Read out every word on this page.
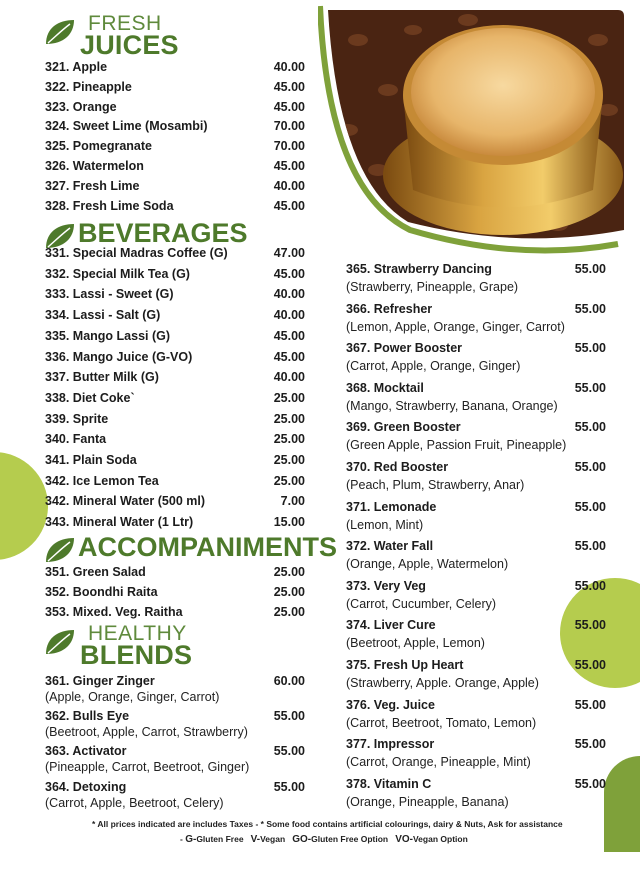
FRESH
JUICES
321. Apple	40.00
322. Pineapple	45.00
323. Orange	45.00
324. Sweet Lime (Mosambi)	70.00
325. Pomegranate	70.00
326. Watermelon	45.00
327. Fresh Lime	40.00
328. Fresh Lime Soda	45.00
BEVERAGES
331. Special Madras Coffee (G)	47.00
332. Special Milk Tea (G)	45.00
333. Lassi - Sweet (G)	40.00
334. Lassi - Salt (G)	40.00
335. Mango Lassi (G)	45.00
336. Mango Juice (G-VO)	45.00
337. Butter Milk (G)	40.00
338. Diet Coke`	25.00
339. Sprite	25.00
340. Fanta	25.00
341. Plain Soda	25.00
342. Ice Lemon Tea	25.00
342. Mineral Water (500 ml)	7.00
343. Mineral Water (1 Ltr)	15.00
ACCOMPANIMENTS
351. Green Salad	25.00
352. Boondhi Raita	25.00
353. Mixed. Veg. Raitha	25.00
HEALTHY
BLENDS
361. Ginger Zinger	60.00
(Apple, Orange, Ginger, Carrot)
362. Bulls Eye	55.00
(Beetroot, Apple, Carrot, Strawberry)
363. Activator	55.00
(Pineapple, Carrot, Beetroot, Ginger)
364. Detoxing	55.00
(Carrot, Apple, Beetroot, Celery)
365. Strawberry Dancing	55.00
(Strawberry, Pineapple, Grape)
366. Refresher	55.00
(Lemon, Apple, Orange, Ginger, Carrot)
367. Power Booster	55.00
(Carrot, Apple, Orange, Ginger)
368. Mocktail	55.00
(Mango, Strawberry, Banana, Orange)
369. Green Booster	55.00
(Green Apple, Passion Fruit, Pineapple)
370. Red Booster	55.00
(Peach, Plum, Strawberry, Anar)
371. Lemonade	55.00
(Lemon, Mint)
372. Water Fall	55.00
(Orange, Apple, Watermelon)
373. Very Veg	55.00
(Carrot, Cucumber, Celery)
374. Liver Cure	55.00
(Beetroot, Apple, Lemon)
375. Fresh Up Heart	55.00
(Strawberry, Apple. Orange, Apple)
376. Veg. Juice	55.00
(Carrot, Beetroot, Tomato, Lemon)
377. Impressor	55.00
(Carrot, Orange, Pineapple, Mint)
378. Vitamin C	55.00
(Orange, Pineapple, Banana)
* All prices indicated are includes Taxes - * Some food contains artificial colourings, dairy & Nuts, Ask for assistance
- G-Gluten Free V-Vegan GO-Gluten Free Option VO-Vegan Option
